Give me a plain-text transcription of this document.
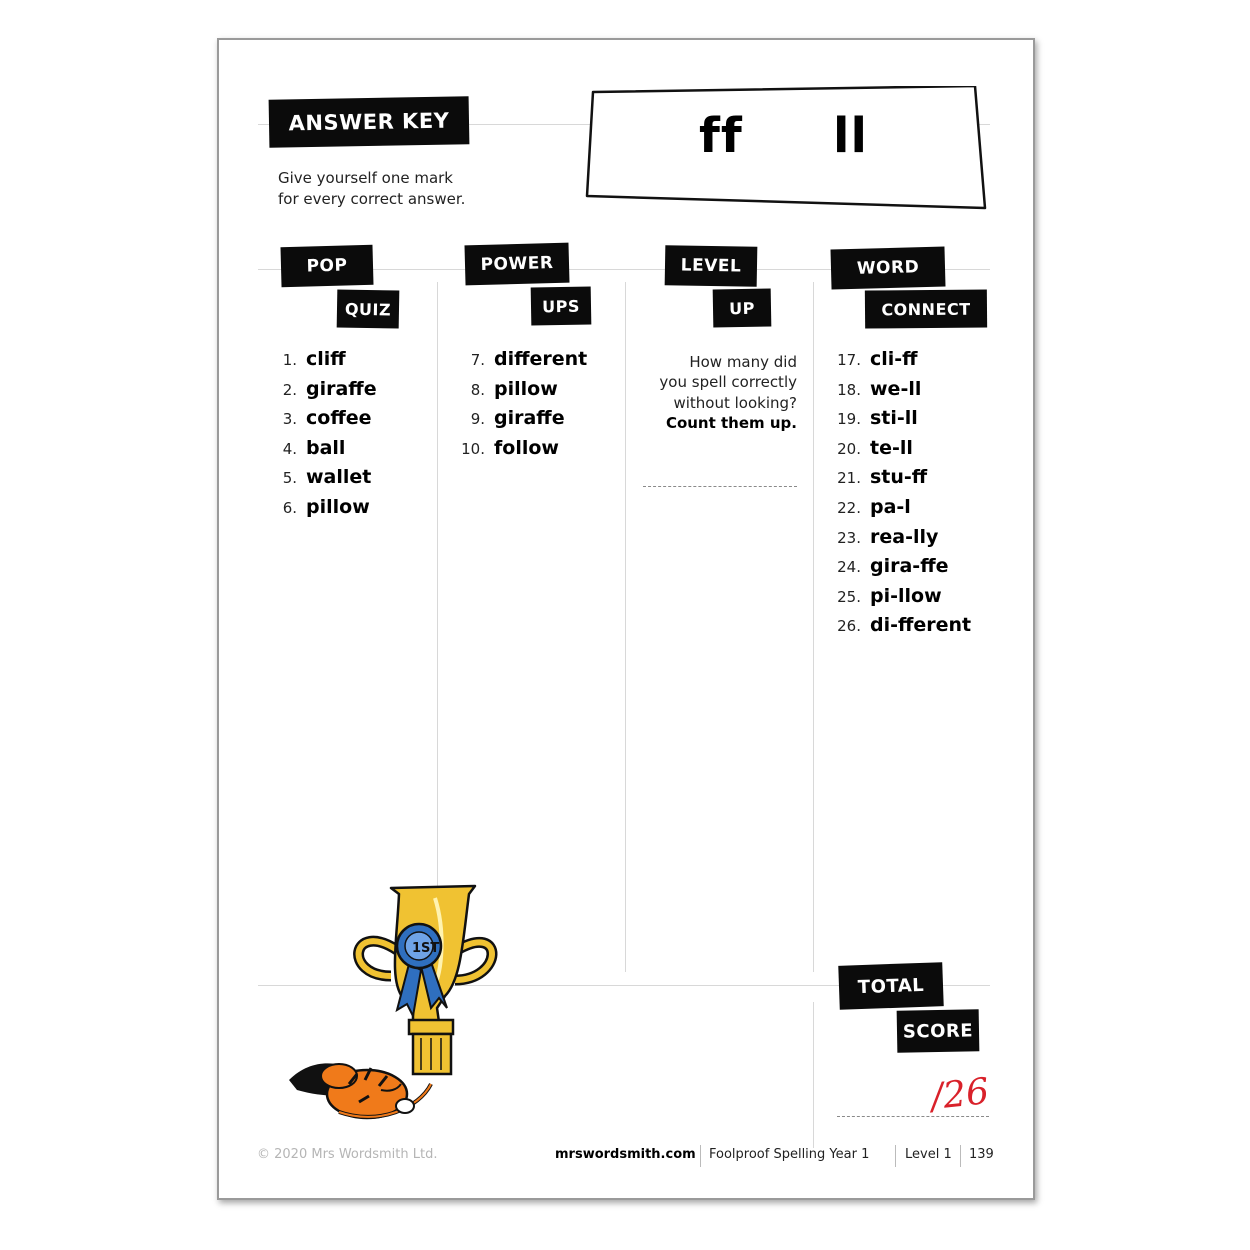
ANSWER KEY
Give yourself one mark
for every correct answer.
ff ll
POP
QUIZ
POWER
UPS
LEVEL
UP
WORD
CONNECT
1. cliff
2. giraffe
3. coffee
4. ball
5. wallet
6. pillow
7. different
8. pillow
9. giraffe
10. follow
How many did
you spell correctly
without looking?
Count them up.
17. cli-ff
18. we-ll
19. sti-ll
20. te-ll
21. stu-ff
22. pa-l
23. rea-lly
24. gira-ffe
25. pi-llow
26. di-fferent
1ST
TOTAL
SCORE
/26
© 2020 Mrs Wordsmith Ltd.	mrswordsmith.com Foolproof Spelling Year 1	Level 1 139
